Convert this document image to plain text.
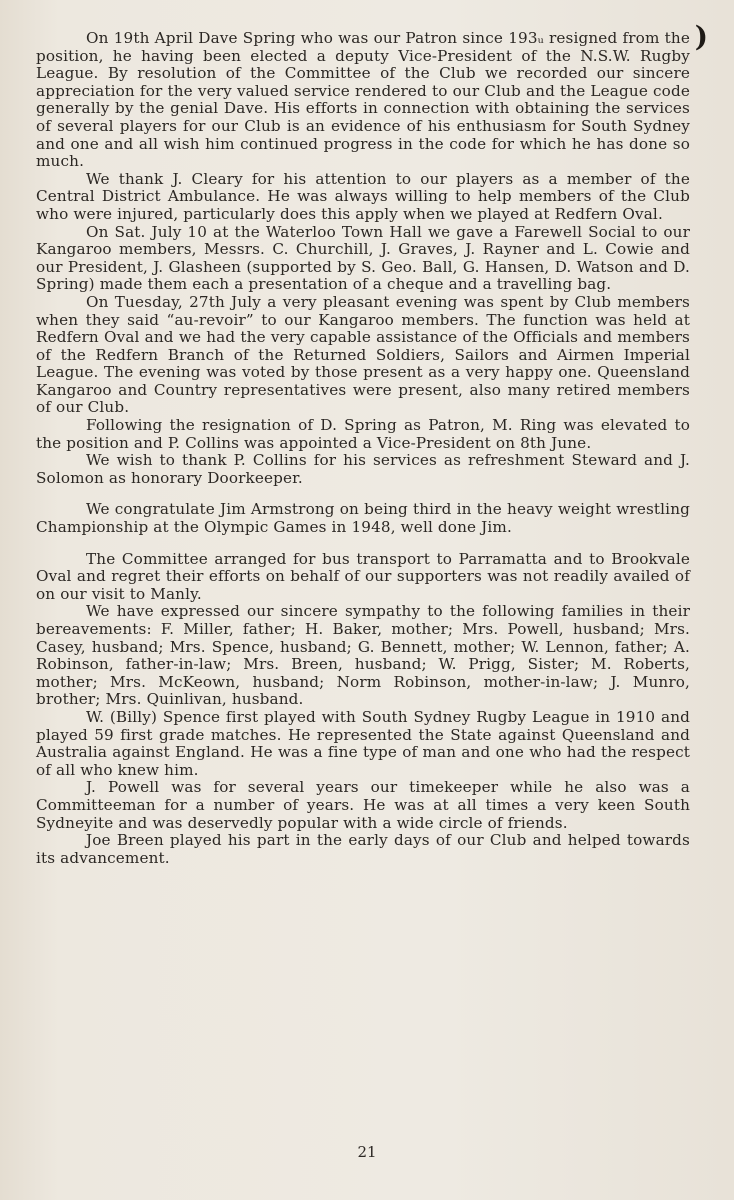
)

On 19th April Dave Spring who was our Patron since 193ᵤ resigned from the position, he having been elected a deputy Vice-President of the N.S.W. Rugby League. By resolution of the Committee of the Club we recorded our sincere appreciation for the very valued service rendered to our Club and the League code generally by the genial Dave. His efforts in connection with obtaining the services of several players for our Club is an evidence of his enthusiasm for South Sydney and one and all wish him continued progress in the code for which he has done so much.

We thank J. Cleary for his attention to our players as a member of the Central District Ambulance. He was always willing to help members of the Club who were injured, particularly does this apply when we played at Redfern Oval.

On Sat. July 10 at the Waterloo Town Hall we gave a Farewell Social to our Kangaroo members, Messrs. C. Churchill, J. Graves, J. Rayner and L. Cowie and our President, J. Glasheen (supported by S. Geo. Ball, G. Hansen, D. Watson and D. Spring) made them each a presentation of a cheque and a travelling bag.

On Tuesday, 27th July a very pleasant evening was spent by Club members when they said “au-revoir” to our Kangaroo members. The function was held at Redfern Oval and we had the very capable assistance of the Officials and members of the Redfern Branch of the Returned Soldiers, Sailors and Airmen Imperial League. The evening was voted by those present as a very happy one. Queensland Kangaroo and Country representatives were present, also many retired members of our Club.

Following the resignation of D. Spring as Patron, M. Ring was elevated to the position and P. Collins was appointed a Vice-President on 8th June.

We wish to thank P. Collins for his services as refreshment Steward and J. Solomon as honorary Doorkeeper.

We congratulate Jim Armstrong on being third in the heavy weight wrestling Championship at the Olympic Games in 1948, well done Jim.

The Committee arranged for bus transport to Parramatta and to Brookvale Oval and regret their efforts on behalf of our supporters was not readily availed of on our visit to Manly.

We have expressed our sincere sympathy to the following families in their bereavements: F. Miller, father; H. Baker, mother; Mrs. Powell, husband; Mrs. Casey, husband; Mrs. Spence, husband; G. Bennett, mother; W. Lennon, father; A. Robinson, father-in-law; Mrs. Breen, husband; W. Prigg, Sister; M. Roberts, mother; Mrs. McKeown, husband; Norm Robinson, mother-in-law; J. Munro, brother; Mrs. Quinlivan, husband.

W. (Billy) Spence first played with South Sydney Rugby League in 1910 and played 59 first grade matches. He represented the State against Queensland and Australia against England. He was a fine type of man and one who had the respect of all who knew him.

J. Powell was for several years our timekeeper while he also was a Committeeman for a number of years. He was at all times a very keen South Sydneyite and was deservedly popular with a wide circle of friends.

Joe Breen played his part in the early days of our Club and helped towards its advancement.

21
